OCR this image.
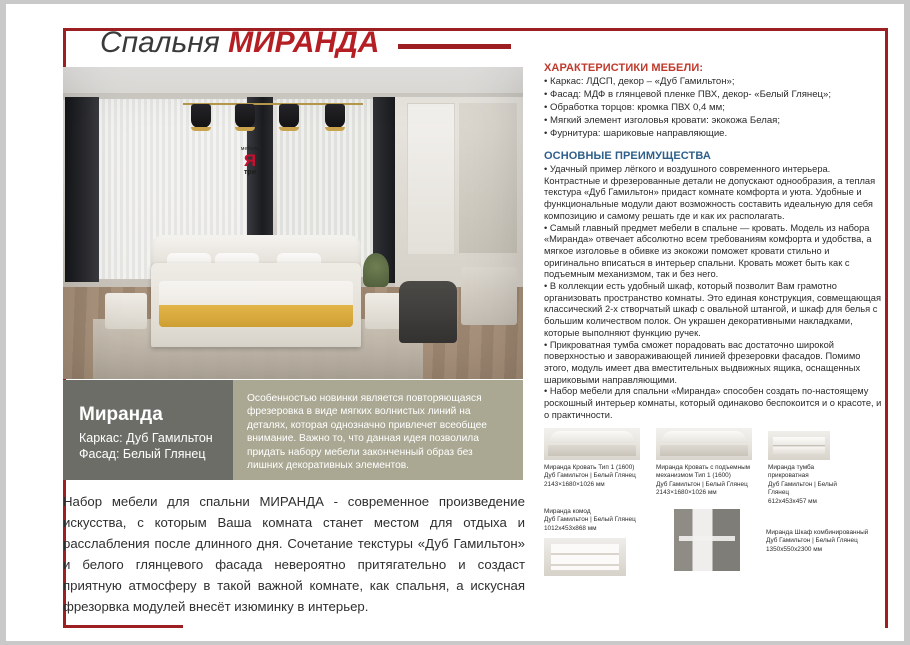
Спальня МИРАНДА
мебель
Я
три
Миранда
Каркас: Дуб Гамильтон
Фасад: Белый Глянец
Особенностью новинки является повторяющаяся фрезеровка в виде мягких волнистых линий на деталях, которая однозначно привлечет всеобщее внимание. Важно то, что данная идея позволила придать набору мебели законченный образ без лишних декоративных элементов.
Набор мебели для спальни МИРАНДА - современное произведение искусства, с которым Ваша комната станет местом для отдыха и расслабления после длинного дня. Сочетание текстуры «Дуб Гамильтон» и белого глянцевого фасада невероятно притягательно и создаст приятную атмосферу в такой важной комнате, как спальня, а искусная фрезорвка модулей внесёт изюминку в интерьер.
ХАРАКТЕРИСТИКИ МЕБЕЛИ:
• Каркас: ЛДСП, декор – «Дуб Гамильтон»;
• Фасад: МДФ в глянцевой пленке ПВХ, декор- «Белый Глянец»;
• Обработка торцов: кромка ПВХ 0,4 мм;
• Мягкий элемент изголовья кровати: экокожа Белая;
• Фурнитура: шариковые направляющие.
ОСНОВНЫЕ ПРЕИМУЩЕСТВА

• Удачный пример лёгкого и воздушного современного интерьера. Контрастные и фрезерованные детали не допускают однообразия, а теплая текстура «Дуб Гамильтон» придаст комнате комфорта и уюта. Удобные и функциональные модули дают возможность составить идеальную для себя композицию и самому решать где и как их располагать.

• Самый главный предмет мебели в спальне — кровать. Модель из набора «Миранда» отвечает абсолютно всем требованиям комфорта и удобства, а мягкое изголовье в обивке из экокожи поможет кровати стильно и оригинально вписаться в интерьер спальни. Кровать может быть как с подъемным механизмом, так и без него.

• В коллекции есть удобный шкаф, который позволит Вам грамотно организовать пространство комнаты. Это единая конструкция, совмещающая классический 2-х створчатый шкаф с овальной штангой, и шкаф для белья с большим количеством полок. Он украшен декоративными накладками, которые выполняют функцию ручек.

• Прикроватная тумба сможет порадовать вас достаточно широкой поверхностью и завораживающей линией фрезеровки фасадов. Помимо этого, модуль имеет два вместительных выдвижных ящика, оснащенных шариковыми направляющими.

• Набор мебели для спальни «Миранда» способен создать по-настоящему роскошный интерьер комнаты, который одинаково беспокоится и о красоте, и о практичности.

Миранда Кровать Тип 1 (1600)
Дуб Гамильтон | Белый Глянец
2143×1680×1026 мм
Миранда Кровать с подъемным механизмом Тип 1 (1600)
Дуб Гамильтон | Белый Глянец
2143×1680×1026 мм
Миранда тумба прикроватная
Дуб Гамильтон | Белый Глянец
612x453x457 мм
Миранда комод
Дуб Гамильтон | Белый Глянец
1012x453x868 мм
Миранда Шкаф комбинированный
Дуб Гамильтон | Белый Глянец
1350x550x2300 мм
